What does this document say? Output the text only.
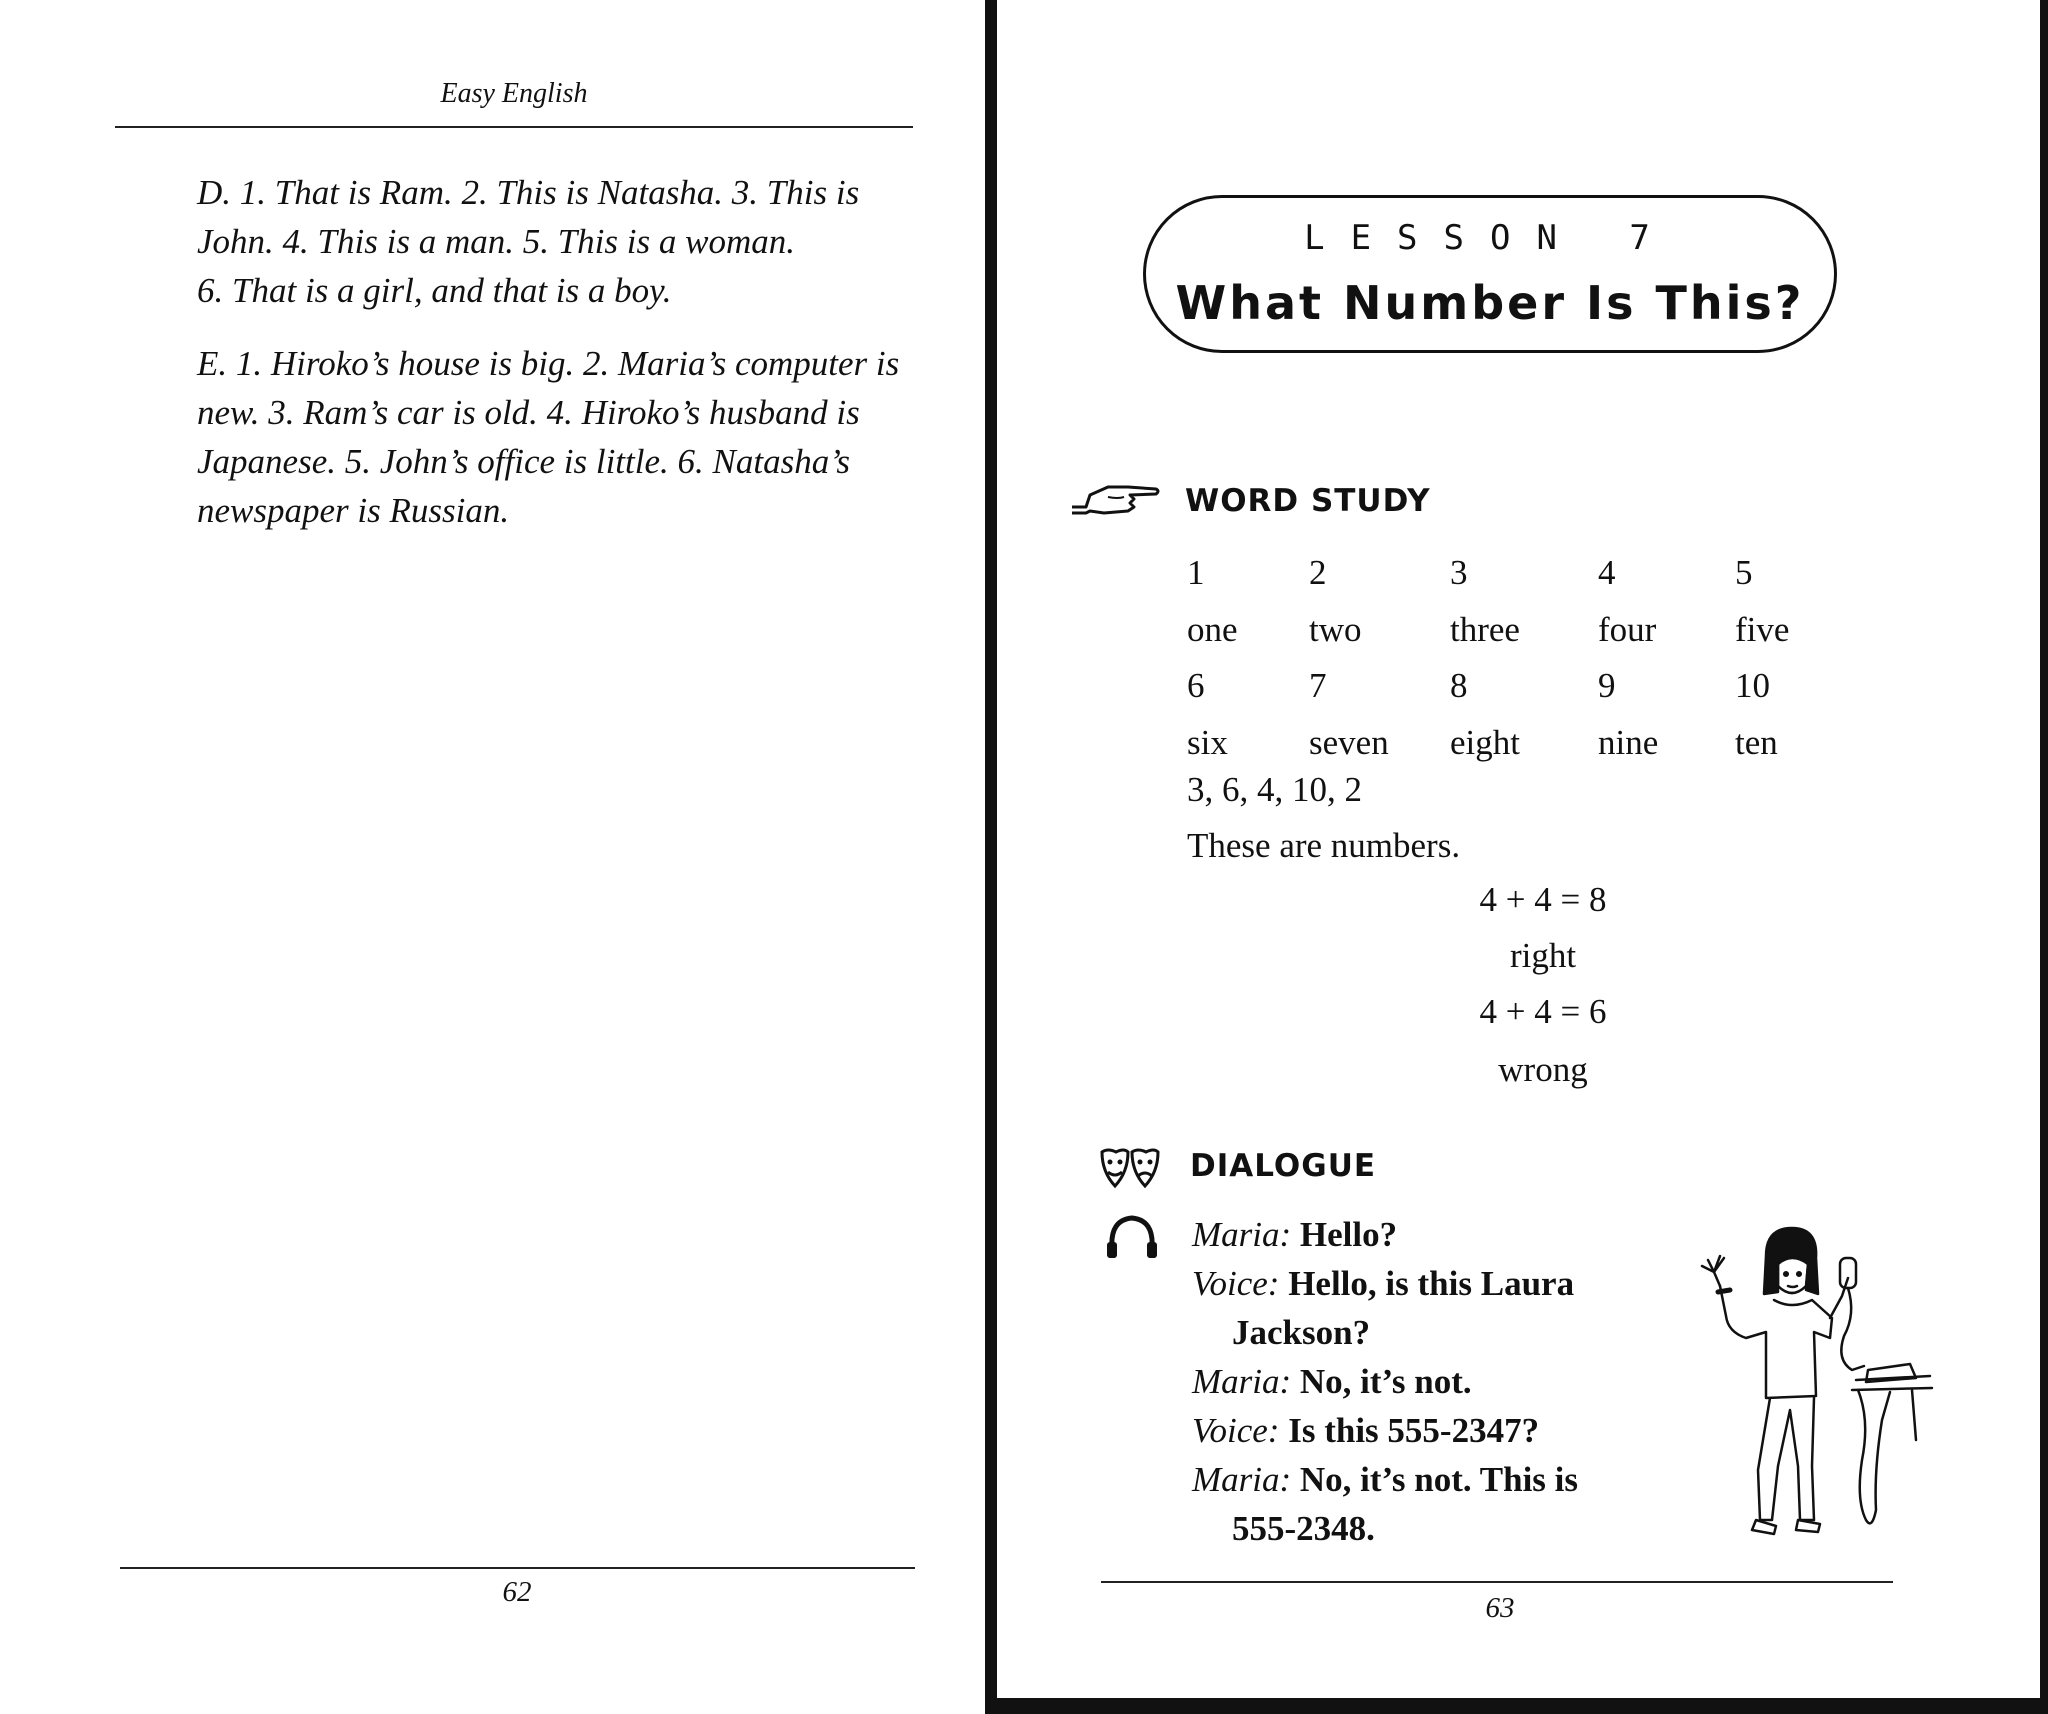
Easy English
D. 1. That is Ram. 2. This is Natasha. 3. This is
John. 4. This is a man. 5. This is a woman.
6. That is a girl, and that is a boy.
E. 1. Hiroko’s house is big. 2. Maria’s computer is
new. 3. Ram’s car is old. 4. Hiroko’s husband is
Japanese. 5. John’s office is little. 6. Natasha’s
newspaper is Russian.
62
LESSON 7
What Number Is This?
WORD STUDY
1	2	3	4	5
one	two	three	four	five
6	7	8	9	10
six	seven	eight	nine	ten
3, 6, 4, 10, 2
These are numbers.
4 + 4 = 8
right
4 + 4 = 6
wrong
DIALOGUE
Maria: Hello?
Voice: Hello, is this Laura Jackson?
Maria: No, it’s not.
Voice: Is this 555-2347?
Maria: No, it’s not. This is 555-2348.
63
